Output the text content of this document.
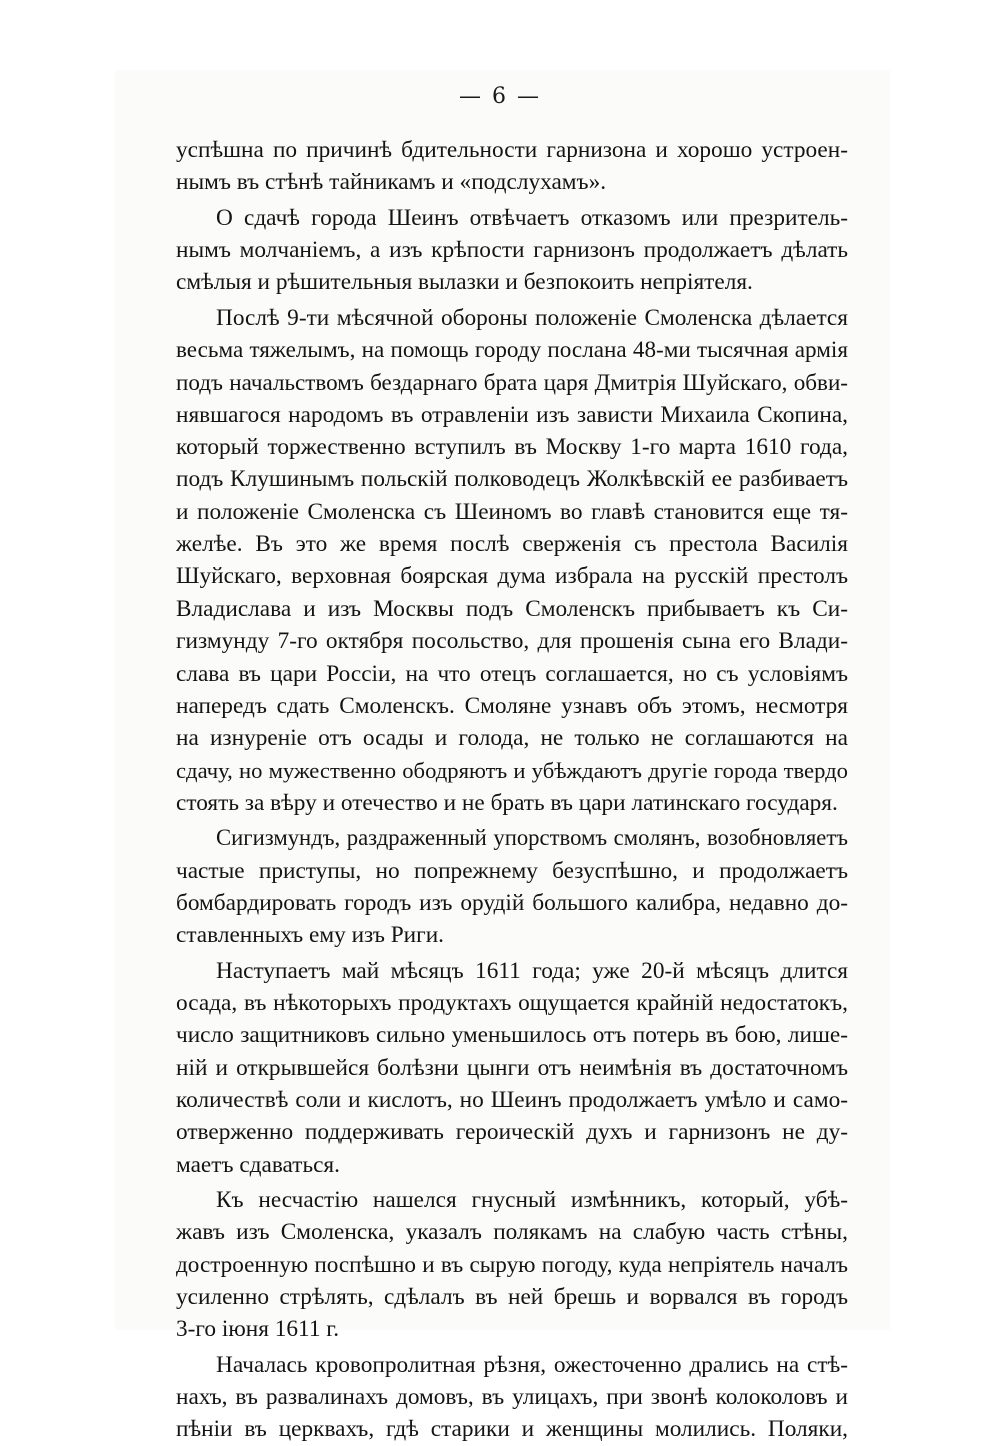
— 6 —
успѣшна по причинѣ бдительности гарнизона и хорошо устроен-
нымъ въ стѣнѣ тайникамъ и «подслухамъ».
О сдачѣ города Шеинъ отвѣчаетъ отказомъ или презритель-
нымъ молчаніемъ, а изъ крѣпости гарнизонъ продолжаетъ дѣлать
смѣлыя и рѣшительныя вылазки и безпокоить непріятеля.
Послѣ 9-ти мѣсячной обороны положеніе Смоленска дѣлается
весьма тяжелымъ, на помощь городу послана 48-ми тысячная армія
подъ начальствомъ бездарнаго брата царя Дмитрія Шуйскаго, обви-
нявшагося народомъ въ отравленіи изъ зависти Михаила Скопина,
который торжественно вступилъ въ Москву 1-го марта 1610 года,
подъ Клушинымъ польскій полководецъ Жолкѣвскій ее разбиваетъ
и положеніе Смоленска съ Шеиномъ во главѣ становится еще тя-
желѣе. Въ это же время послѣ сверженія съ престола Василія
Шуйскаго, верховная боярская дума избрала на русскій престолъ
Владислава и изъ Москвы подъ Смоленскъ прибываетъ къ Си-
гизмунду 7-го октября посольство, для прошенія сына его Влади-
слава въ цари Россіи, на что отецъ соглашается, но съ условіямъ
напередъ сдать Смоленскъ. Смоляне узнавъ объ этомъ, несмотря
на изнуреніе отъ осады и голода, не только не соглашаются на
сдачу, но мужественно ободряютъ и убѣждаютъ другіе города твердо
стоять за вѣру и отечество и не брать въ цари латинскаго государя.
Сигизмундъ, раздраженный упорствомъ смолянъ, возобновляетъ
частые приступы, но попрежнему безуспѣшно, и продолжаетъ
бомбардировать городъ изъ орудій большого калибра, недавно до-
ставленныхъ ему изъ Риги.
Наступаетъ май мѣсяцъ 1611 года; уже 20-й мѣсяцъ длится
осада, въ нѣкоторыхъ продуктахъ ощущается крайній недостатокъ,
число защитниковъ сильно уменьшилось отъ потерь въ бою, лише-
ній и открывшейся болѣзни цынги отъ неимѣнія въ достаточномъ
количествѣ соли и кислотъ, но Шеинъ продолжаетъ умѣло и само-
отверженно поддерживать героическій духъ и гарнизонъ не ду-
маетъ сдаваться.
Къ несчастію нашелся гнусный измѣнникъ, который, убѣ-
жавъ изъ Смоленска, указалъ полякамъ на слабую часть стѣны,
достроенную поспѣшно и въ сырую погоду, куда непріятель началъ
усиленно стрѣлять, сдѣлалъ въ ней брешь и ворвался въ городъ
3-го іюня 1611 г.
Началась кровопролитная рѣзня, ожесточенно дрались на стѣ-
нахъ, въ развалинахъ домовъ, въ улицахъ, при звонѣ колоколовъ и
пѣніи въ церквахъ, гдѣ старики и женщины молились. Поляки,
